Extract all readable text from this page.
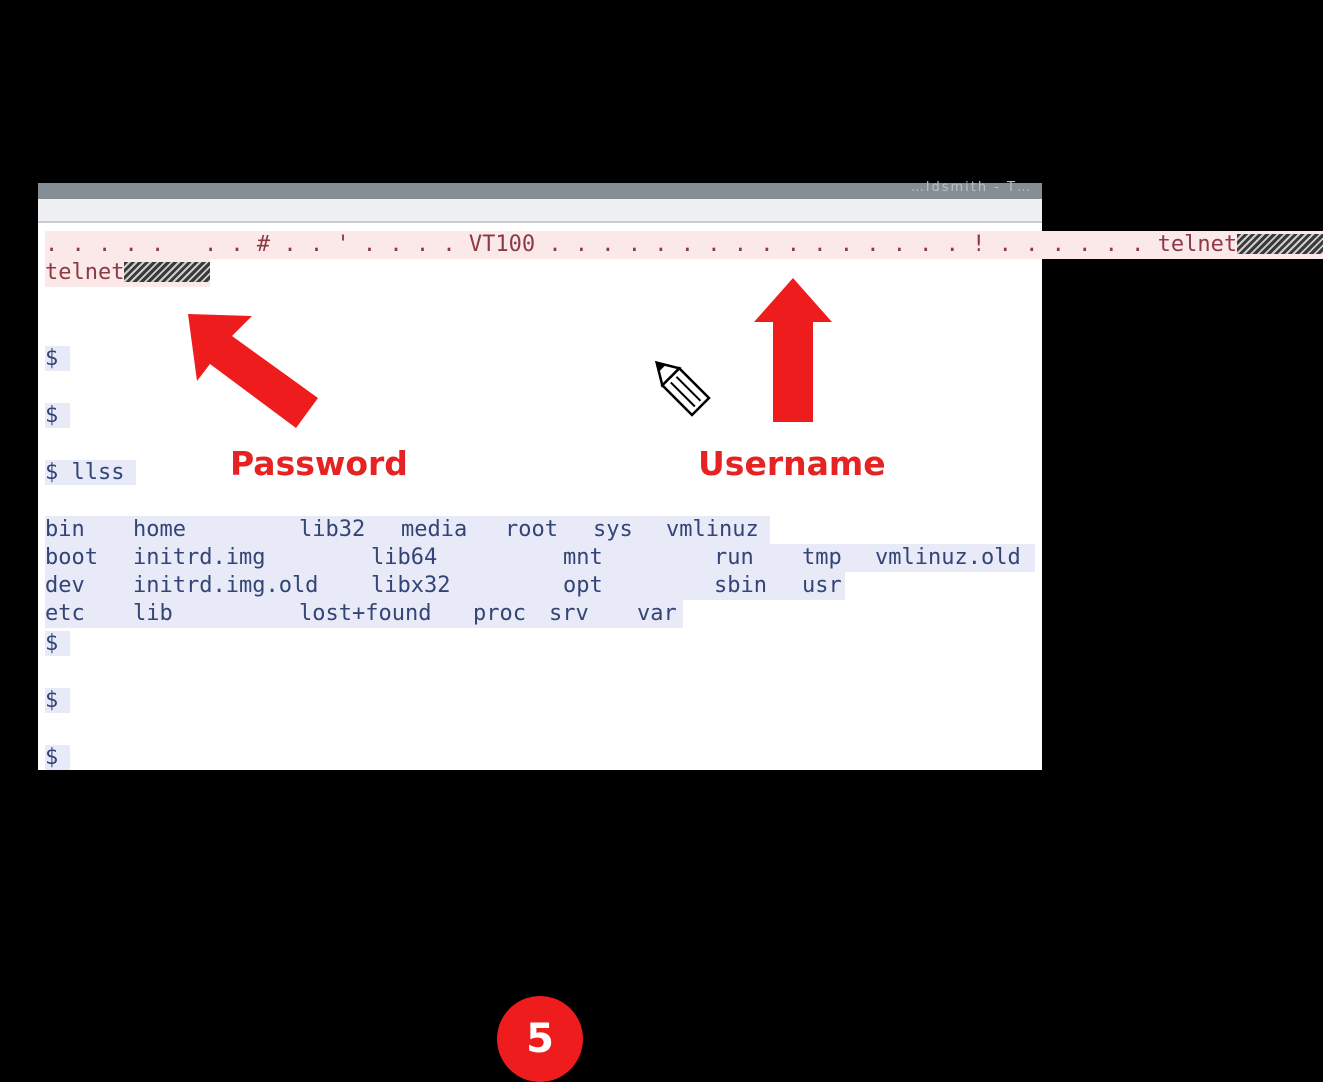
…ldsmith - T…
. . . . .   . . # . . ' . . . . VT100 . . . . . . . . . . . . . . . . ! . . . . . . telnet
telnet
$
$
$ llss
bin home	lib32 media root sys vmlinuz
boot initrd.img	lib64	mnt	run tmp vmlinuz.old
dev initrd.img.old libx32	opt	sbin usr
etc lib	lost+found proc srv var
$
$
$
Password	Username
5
